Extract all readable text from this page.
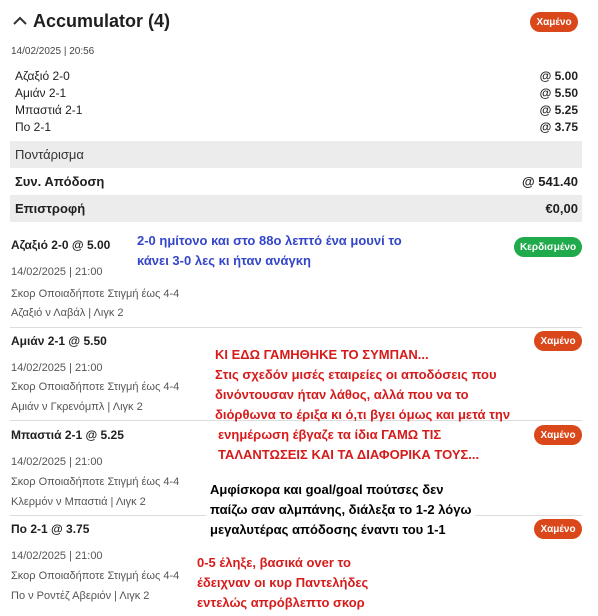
Accumulator (4)	Χαμένο
14/02/2025 | 20:56
Αζαξιό 2-0	@ 5.00
Αμιάν 2-1	@ 5.50
Μπαστιά 2-1	@ 5.25
Πο 2-1	@ 3.75
Ποντάρισμα
Συν. Απόδοση	@ 541.40
Επιστροφή	€0,00
Αζαξιό 2-0 @ 5.00	Κερδισμένο
14/02/2025 | 21:00
Σκορ Οποιαδήποτε Στιγμή έως 4-4
Αζαξιό ν Λαβάλ | Λιγκ 2
Αμιάν 2-1 @ 5.50	Χαμένο
14/02/2025 | 21:00
Σκορ Οποιαδήποτε Στιγμή έως 4-4
Αμιάν ν Γκρενόμπλ | Λιγκ 2
Μπαστιά 2-1 @ 5.25	Χαμένο
14/02/2025 | 21:00
Σκορ Οποιαδήποτε Στιγμή έως 4-4
Κλερμόν ν Μπαστιά | Λιγκ 2
Πο 2-1 @ 3.75	Χαμένο
14/02/2025 | 21:00
Σκορ Οποιαδήποτε Στιγμή έως 4-4
Πο ν Ροντέζ Αβεριόν | Λιγκ 2
2-0 ημίτονο και στο 88ο λεπτό ένα μουνί το
κάνει 3-0 λες κι ήταν ανάγκη
ΚΙ ΕΔΩ ΓΑΜΗΘΗΚΕ ΤΟ ΣΥΜΠΑΝ...
Στις σχεδόν μισές εταιρείες οι αποδόσεις που
δινόντουσαν ήταν λάθος, αλλά που να το
διόρθωνα το έριξα κι ό,τι βγει όμως και μετά την
ενημέρωση έβγαζε τα ίδια ΓΑΜΩ ΤΙΣ
ΤΑΛΑΝΤΩΣΕΙΣ ΚΑΙ ΤΑ ΔΙΑΦΟΡΙΚΑ ΤΟΥΣ...
Αμφίσκορα και goal/goal πούτσες δεν
παίζω σαν αλμπάνης, διάλεξα το 1-2 λόγω
μεγαλυτέρας απόδοσης έναντι του 1-1
0-5 έληξε, βασικά over το
έδειχναν οι κυρ Παντελήδες
εντελώς απρόβλεπτο σκορ
